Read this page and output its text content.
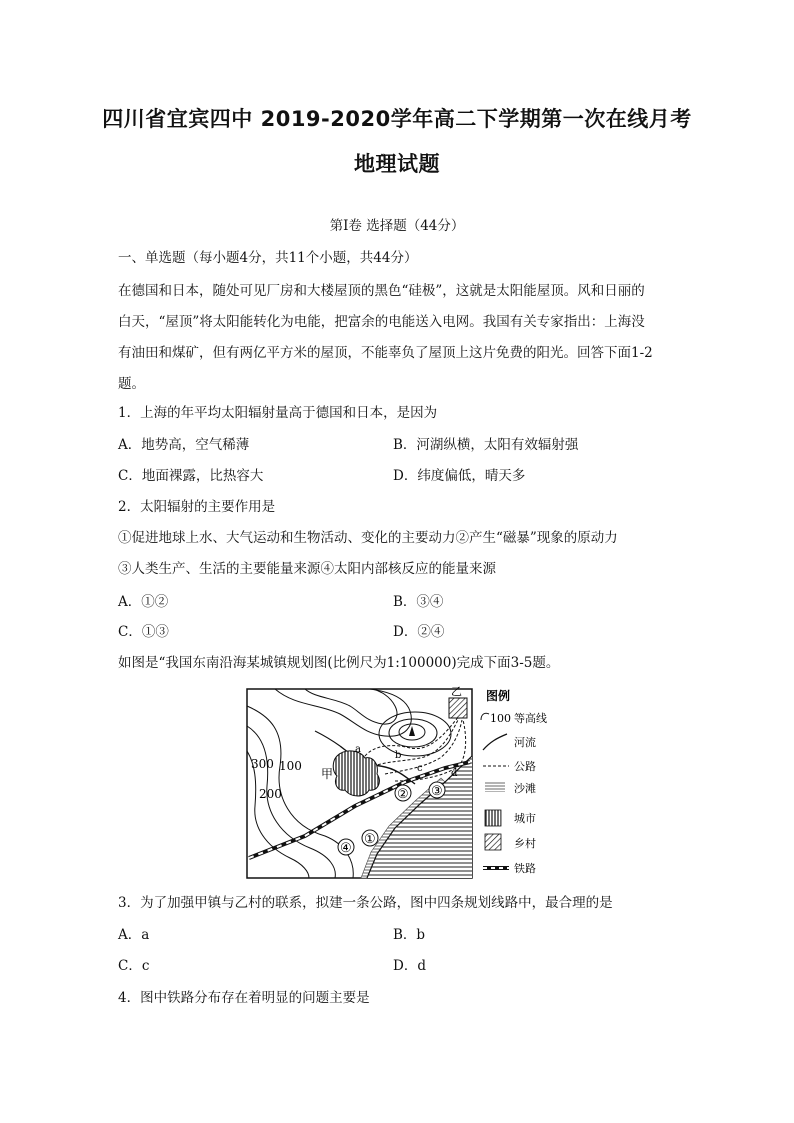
四川省宜宾四中 2019-2020学年高二下学期第一次在线月考
地理试题
第Ⅰ卷 选择题（44分）
一、单选题（每小题4分，共11个小题，共44分）
在德国和日本，随处可见厂房和大楼屋顶的黑色“硅极”，这就是太阳能屋顶。风和日丽的
白天，“屋顶”将太阳能转化为电能，把富余的电能送入电网。我国有关专家指出：上海没
有油田和煤矿，但有两亿平方米的屋顶，不能辜负了屋顶上这片免费的阳光。回答下面1-2
题。
1．上海的年平均太阳辐射量高于德国和日本，是因为
A．地势高，空气稀薄	B．河湖纵横，太阳有效辐射强
C．地面裸露，比热容大	D．纬度偏低，晴天多
2．太阳辐射的主要作用是
①促进地球上水、大气运动和生物活动、变化的主要动力②产生“磁暴”现象的原动力
③人类生产、生活的主要能量来源④太阳内部核反应的能量来源
A．①②	B．③④
C．①③	D．②④
如图是“我国东南沿海某城镇规划图(比例尺为1:100000)完成下面3-5题。
300
200
100
甲
乙
a
b
c	d
①
② ③
④
图例
100 等高线
河流
公路
沙滩
城市
乡村
铁路
3．为了加强甲镇与乙村的联系，拟建一条公路，图中四条规划线路中，最合理的是
A．a	B．b
C．c	D．d
4．图中铁路分布存在着明显的问题主要是
